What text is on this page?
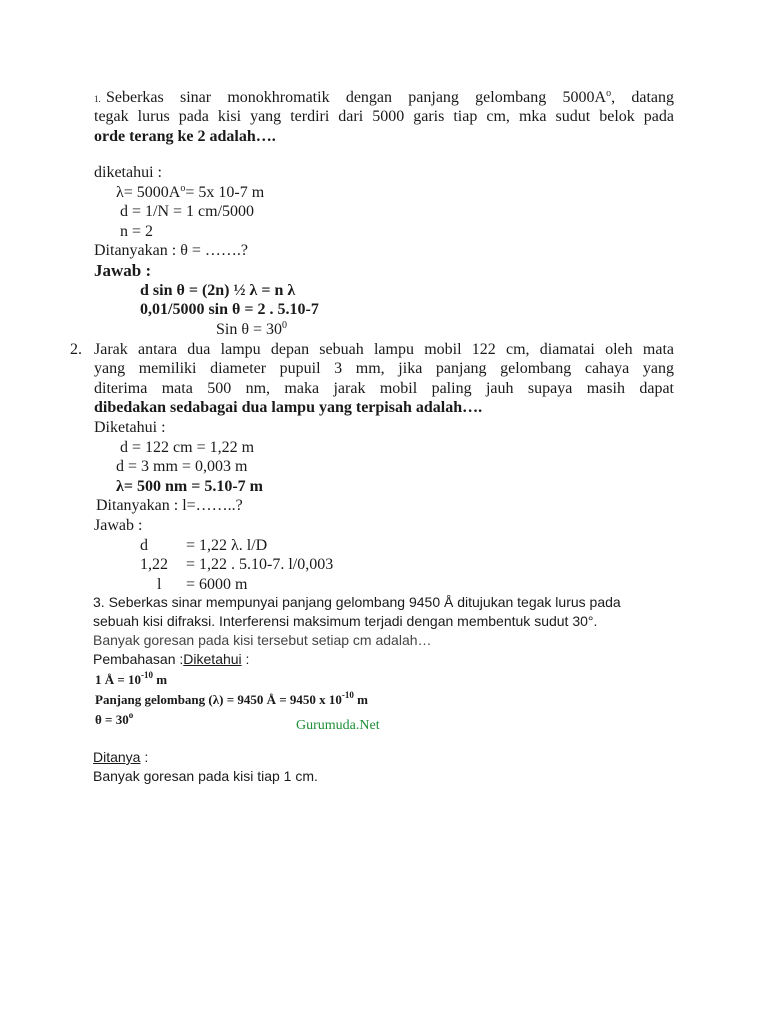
1. Seberkas sinar monokhromatik dengan panjang gelombang $5000A^o$, datang
tegak lurus pada kisi yang terdiri dari 5000 garis tiap cm, mka sudut belok pada
orde terang ke 2 adalah….
diketahui :
$\lambda= 5000A^o= 5x$ 10-7 m
d = 1/N = 1 cm/5000
n = 2
Ditanyakan : θ = …….?
Jawab :
d sin θ = (2n) ½ λ = n λ
0,01/5000 sin θ = 2 . 5.10-7
Sin $\theta = 30^0$
2. Jarak antara dua lampu depan sebuah lampu mobil 122 cm, diamatai oleh mata
yang memiliki diameter pupuil 3 mm, jika panjang gelombang cahaya yang
diterima mata 500 nm, maka jarak mobil paling jauh supaya masih dapat
dibedakan sedabagai dua lampu yang terpisah adalah….
Diketahui :
d = 122 cm = 1,22 m
d = 3 mm = 0,003 m
λ= 500 nm = 5.10-7 m
Ditanyakan : l=……..?
Jawab :
d = 1,22 λ. l/D
1,22 = 1,22 . 5.10-7. l/0,003
l = 6000 m
3. Seberkas sinar mempunyai panjang gelombang 9450 Å ditujukan tegak lurus pada
sebuah kisi difraksi. Interferensi maksimum terjadi dengan membentuk sudut 30°.
Banyak goresan pada kisi tersebut setiap cm adalah…
Pembahasan :Diketahui :
1 Å = $10^{-10}$ m
Panjang gelombang (λ) = 9450 Å = 9450 x $10^{-10}$ m
$\theta = 30^o$
Gurumuda.Net
Ditanya :
Banyak goresan pada kisi tiap 1 cm.
